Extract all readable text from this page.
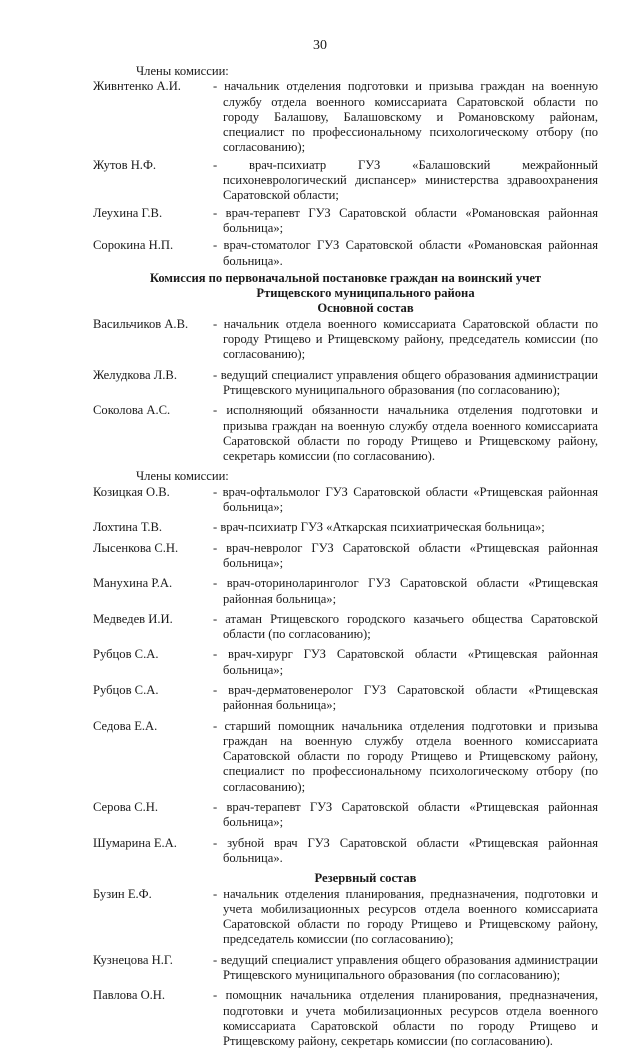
30
Члены комиссии:
Живнтенко А.И.	- начальник отделения подготовки и призыва граждан на военную службу отдела военного комиссариата Саратовской области по городу Балашову, Балашовскому и Романовскому районам, специалист по профессиональному психологическому отбору (по согласованию);
Жутов Н.Ф.	- врач-психиатр ГУЗ «Балашовский межрайонный психоневрологический диспансер» министерства здравоохранения Саратовской области;
Леухина Г.В.	- врач-терапевт ГУЗ Саратовской области «Романовская районная больница»;
Сорокина Н.П.	- врач-стоматолог ГУЗ Саратовской области «Романовская районная больница».
Комиссия по первоначальной постановке граждан на воинский учет
Ртищевского муниципального района
Основной состав
Васильчиков А.В.	- начальник отдела военного комиссариата Саратовской области по городу Ртищево и Ртищевскому району, председатель комиссии (по согласованию);
Желудкова Л.В.	- ведущий специалист управления общего образования администрации Ртищевского муниципального образования (по согласованию);
Соколова А.С.	- исполняющий обязанности начальника отделения подготовки и призыва граждан на военную службу отдела военного комиссариата Саратовской области по городу Ртищево и Ртищевскому району, секретарь комиссии (по согласованию).
Члены комиссии:
Козицкая О.В.	- врач-офтальмолог ГУЗ Саратовской области «Ртищевская районная больница»;
Лохтина Т.В.	- врач-психиатр ГУЗ «Аткарская психиатрическая больница»;
Лысенкова С.Н.	- врач-невролог ГУЗ Саратовской области «Ртищевская районная больница»;
Манухина Р.А.	- врач-оториноларинголог ГУЗ Саратовской области «Ртищевская районная больница»;
Медведев И.И.	- атаман Ртищевского городского казачьего общества Саратовской области (по согласованию);
Рубцов С.А.	- врач-хирург ГУЗ Саратовской области «Ртищевская районная больница»;
Рубцов С.А.	- врач-дерматовенеролог ГУЗ Саратовской области «Ртищевская районная больница»;
Седова Е.А.	- старший помощник начальника отделения подготовки и призыва граждан на военную службу отдела военного комиссариата Саратовской области по городу Ртищево и Ртищевскому району, специалист по профессиональному психологическому отбору (по согласованию);
Серова С.Н.	- врач-терапевт ГУЗ Саратовской области «Ртищевская районная больница»;
Шумарина Е.А.	- зубной врач ГУЗ Саратовской области «Ртищевская районная больница».
Резервный состав
Бузин Е.Ф.	- начальник отделения планирования, предназначения, подготовки и учета мобилизационных ресурсов отдела военного комиссариата Саратовской области по городу Ртищево и Ртищевскому району, председатель комиссии (по согласованию);
Кузнецова Н.Г.	- ведущий специалист управления общего образования администрации Ртищевского муниципального образования (по согласованию);
Павлова О.Н.	- помощник начальника отделения планирования, предназначения, подготовки и учета мобилизационных ресурсов отдела военного комиссариата Саратовской области по городу Ртищево и Ртищевскому району, секретарь комиссии (по согласованию).
